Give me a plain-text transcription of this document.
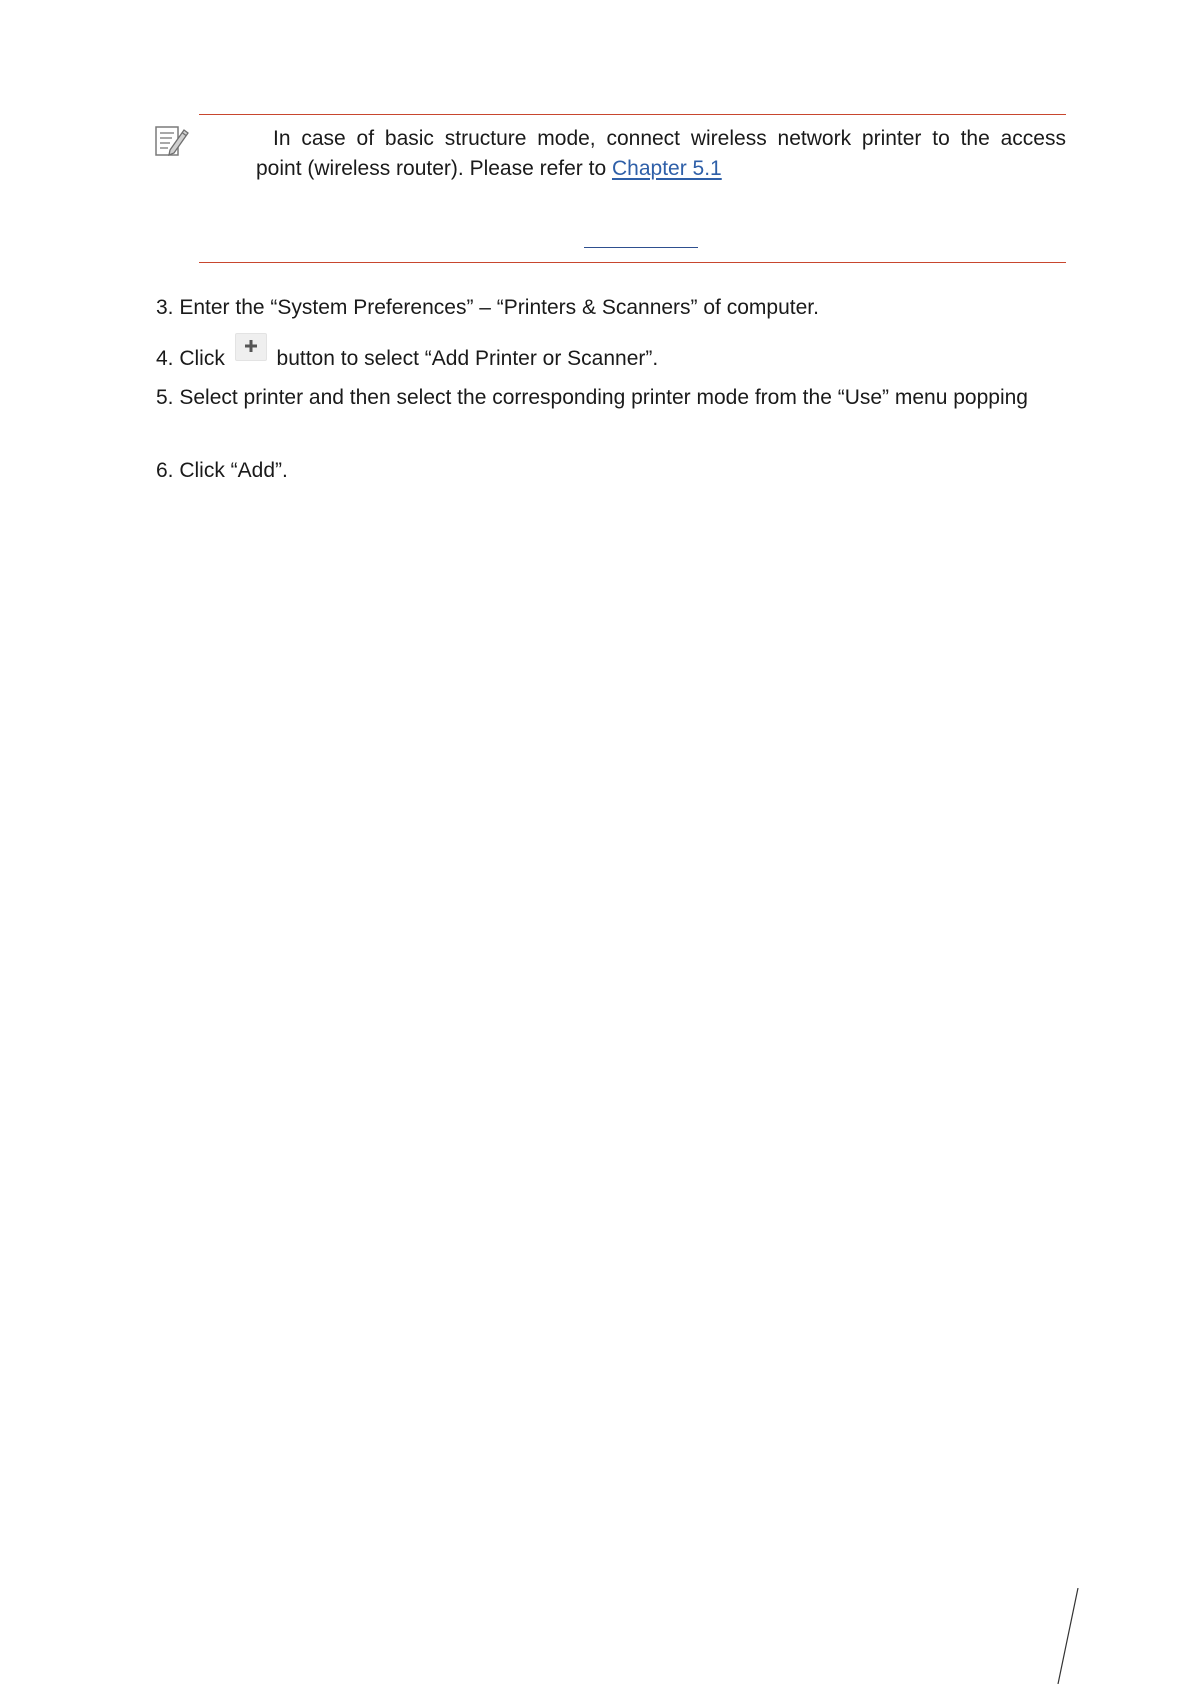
In case of basic structure mode, connect wireless network printer to the access
point (wireless router). Please refer to Chapter 5.1
3. Enter the “System Preferences” – “Printers & Scanners” of computer.
4. Click
button to select “Add Printer or Scanner”.
5. Select printer and then select the corresponding printer mode from the “Use” menu popping
6. Click “Add”.
